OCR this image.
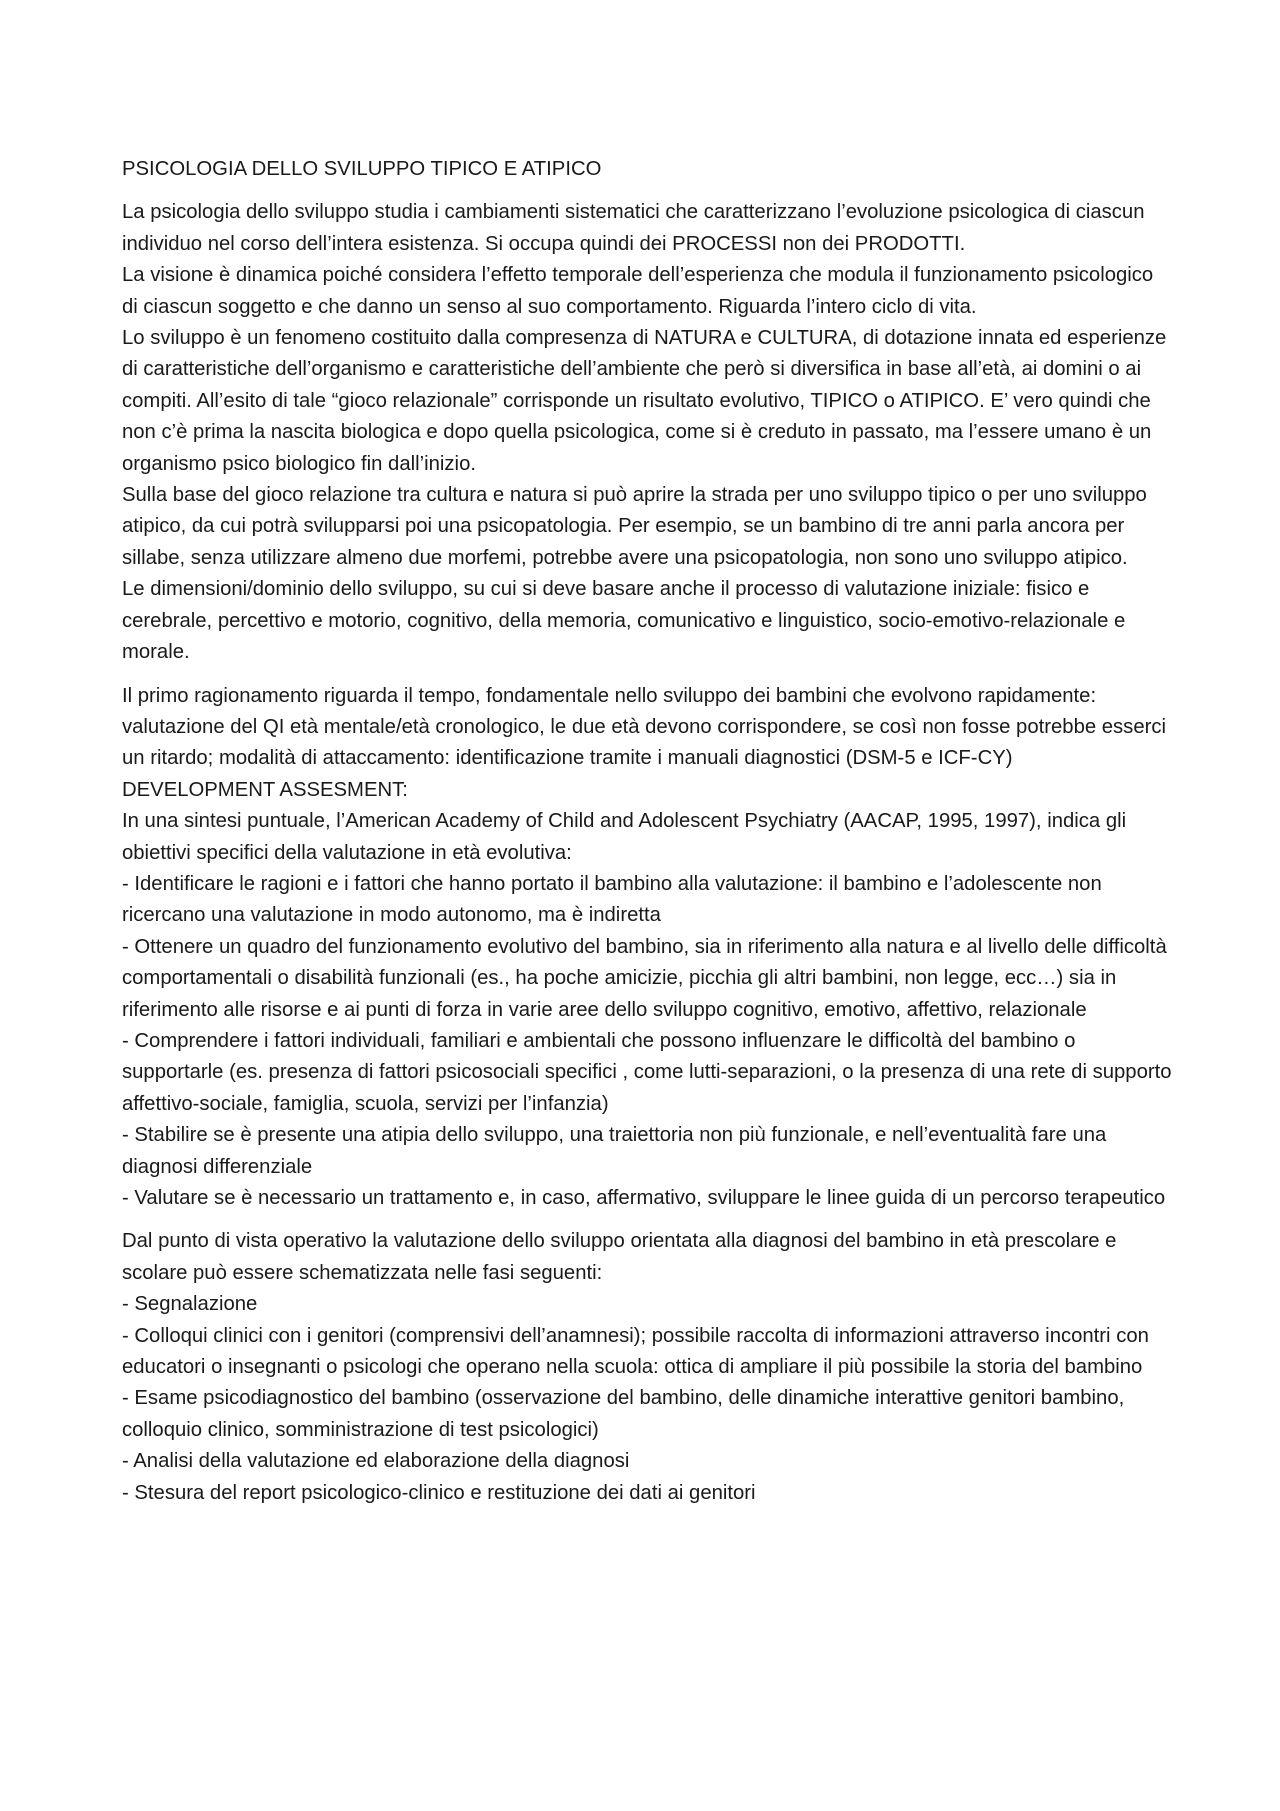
PSICOLOGIA DELLO SVILUPPO TIPICO E ATIPICO

La psicologia dello sviluppo studia i cambiamenti sistematici che caratterizzano l’evoluzione psicologica di ciascun individuo nel corso dell’intera esistenza. Si occupa quindi dei PROCESSI non dei PRODOTTI.

La visione è dinamica poiché considera l’effetto temporale dell’esperienza che modula il funzionamento psicologico di ciascun soggetto e che danno un senso al suo comportamento. Riguarda l’intero ciclo di vita.

Lo sviluppo è un fenomeno costituito dalla compresenza di NATURA e CULTURA, di dotazione innata ed esperienze di caratteristiche dell’organismo e caratteristiche dell’ambiente che però si diversifica in base all’età, ai domini o ai compiti. All’esito di tale “gioco relazionale” corrisponde un risultato evolutivo, TIPICO o ATIPICO. E’ vero quindi che non c’è prima la nascita biologica e dopo quella psicologica, come si è creduto in passato, ma l’essere umano è un organismo psico biologico fin dall’inizio.

Sulla base del gioco relazione tra cultura e natura si può aprire la strada per uno sviluppo tipico o per uno sviluppo atipico, da cui potrà svilupparsi poi una psicopatologia. Per esempio, se un bambino di tre anni parla ancora per sillabe, senza utilizzare almeno due morfemi, potrebbe avere una psicopatologia, non sono uno sviluppo atipico.

Le dimensioni/dominio dello sviluppo, su cui si deve basare anche il processo di valutazione iniziale: fisico e cerebrale, percettivo e motorio, cognitivo, della memoria, comunicativo e linguistico, socio-emotivo-relazionale e morale.

Il primo ragionamento riguarda il tempo, fondamentale nello sviluppo dei bambini che evolvono rapidamente: valutazione del QI età mentale/età cronologico, le due età devono corrispondere, se così non fosse potrebbe esserci un ritardo; modalità di attaccamento: identificazione tramite i manuali diagnostici (DSM-5 e ICF-CY)

DEVELOPMENT ASSESMENT:

In una sintesi puntuale, l’American Academy of Child and Adolescent Psychiatry (AACAP, 1995, 1997), indica gli obiettivi specifici della valutazione in età evolutiva:

- Identificare le ragioni e i fattori che hanno portato il bambino alla valutazione: il bambino e l’adolescente non ricercano una valutazione in modo autonomo, ma è indiretta

- Ottenere un quadro del funzionamento evolutivo del bambino, sia in riferimento alla natura e al livello delle difficoltà comportamentali o disabilità funzionali (es., ha poche amicizie, picchia gli altri bambini, non legge, ecc…) sia in riferimento alle risorse e ai punti di forza in varie aree dello sviluppo cognitivo, emotivo, affettivo, relazionale

- Comprendere i fattori individuali, familiari e ambientali che possono influenzare le difficoltà del bambino o supportarle (es. presenza di fattori psicosociali specifici , come lutti-separazioni, o la presenza di una rete di supporto affettivo-sociale, famiglia, scuola, servizi per l’infanzia)

- Stabilire se è presente una atipia dello sviluppo, una traiettoria non più funzionale, e nell’eventualità fare una diagnosi differenziale

- Valutare se è necessario un trattamento e, in caso, affermativo, sviluppare le linee guida di un percorso terapeutico

Dal punto di vista operativo la valutazione dello sviluppo orientata alla diagnosi del bambino in età prescolare e scolare può essere schematizzata nelle fasi seguenti:

- Segnalazione

- Colloqui clinici con i genitori (comprensivi dell’anamnesi); possibile raccolta di informazioni attraverso incontri con educatori o insegnanti o psicologi che operano nella scuola: ottica di ampliare il più possibile la storia del bambino

- Esame psicodiagnostico del bambino (osservazione del bambino, delle dinamiche interattive genitori bambino, colloquio clinico, somministrazione di test psicologici)

- Analisi della valutazione ed elaborazione della diagnosi

- Stesura del report psicologico-clinico e restituzione dei dati ai genitori
